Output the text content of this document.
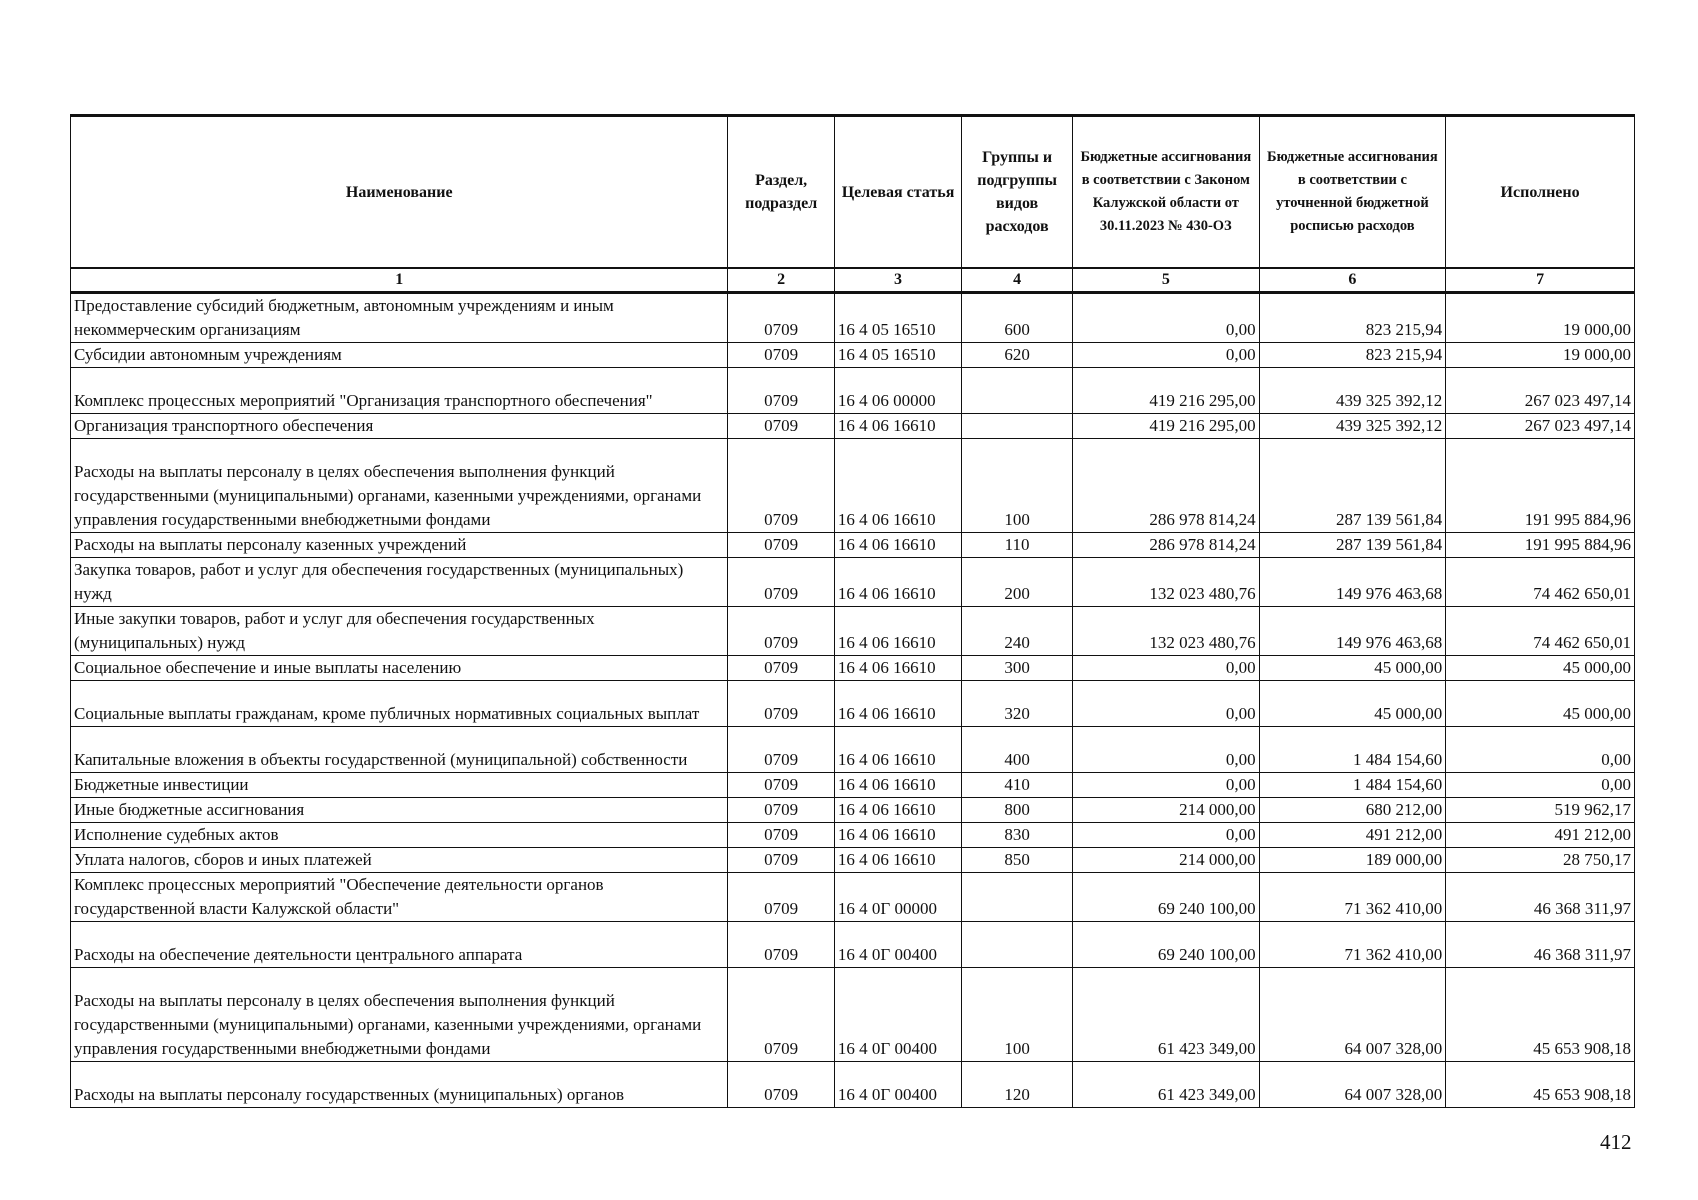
Наименование	Раздел, подраздел	Целевая статья	Группы и подгруппы видов расходов	Бюджетные ассигнования в соответствии с Законом Калужской области от 30.11.2023 № 430-ОЗ	Бюджетные ассигнования в соответствии с уточненной бюджетной росписью расходов	Исполнено
1	2	3	4	5	6	7
Предоставление субсидий бюджетным, автономным учреждениям и иным некоммерческим организациям	0709	16 4 05 16510	600	0,00	823 215,94	19 000,00
Субсидии автономным учреждениям	0709	16 4 05 16510	620	0,00	823 215,94	19 000,00
Комплекс процессных мероприятий "Организация транспортного обеспечения"	0709	16 4 06 00000		419 216 295,00	439 325 392,12	267 023 497,14
Организация транспортного обеспечения	0709	16 4 06 16610		419 216 295,00	439 325 392,12	267 023 497,14
Расходы на выплаты персоналу в целях обеспечения выполнения функций государственными (муниципальными) органами, казенными учреждениями, органами управления государственными внебюджетными фондами	0709	16 4 06 16610	100	286 978 814,24	287 139 561,84	191 995 884,96
Расходы на выплаты персоналу казенных учреждений	0709	16 4 06 16610	110	286 978 814,24	287 139 561,84	191 995 884,96
Закупка товаров, работ и услуг для обеспечения государственных (муниципальных) нужд	0709	16 4 06 16610	200	132 023 480,76	149 976 463,68	74 462 650,01
Иные закупки товаров, работ и услуг для обеспечения государственных (муниципальных) нужд	0709	16 4 06 16610	240	132 023 480,76	149 976 463,68	74 462 650,01
Социальное обеспечение и иные выплаты населению	0709	16 4 06 16610	300	0,00	45 000,00	45 000,00
Социальные выплаты гражданам, кроме публичных нормативных социальных выплат	0709	16 4 06 16610	320	0,00	45 000,00	45 000,00
Капитальные вложения в объекты государственной (муниципальной) собственности	0709	16 4 06 16610	400	0,00	1 484 154,60	0,00
Бюджетные инвестиции	0709	16 4 06 16610	410	0,00	1 484 154,60	0,00
Иные бюджетные ассигнования	0709	16 4 06 16610	800	214 000,00	680 212,00	519 962,17
Исполнение судебных актов	0709	16 4 06 16610	830	0,00	491 212,00	491 212,00
Уплата налогов, сборов и иных платежей	0709	16 4 06 16610	850	214 000,00	189 000,00	28 750,17
Комплекс процессных мероприятий "Обеспечение деятельности органов государственной власти Калужской области"	0709	16 4 0Г 00000		69 240 100,00	71 362 410,00	46 368 311,97
Расходы на обеспечение деятельности центрального аппарата	0709	16 4 0Г 00400		69 240 100,00	71 362 410,00	46 368 311,97
Расходы на выплаты персоналу в целях обеспечения выполнения функций государственными (муниципальными) органами, казенными учреждениями, органами управления государственными внебюджетными фондами	0709	16 4 0Г 00400	100	61 423 349,00	64 007 328,00	45 653 908,18
Расходы на выплаты персоналу государственных (муниципальных) органов	0709	16 4 0Г 00400	120	61 423 349,00	64 007 328,00	45 653 908,18
412
